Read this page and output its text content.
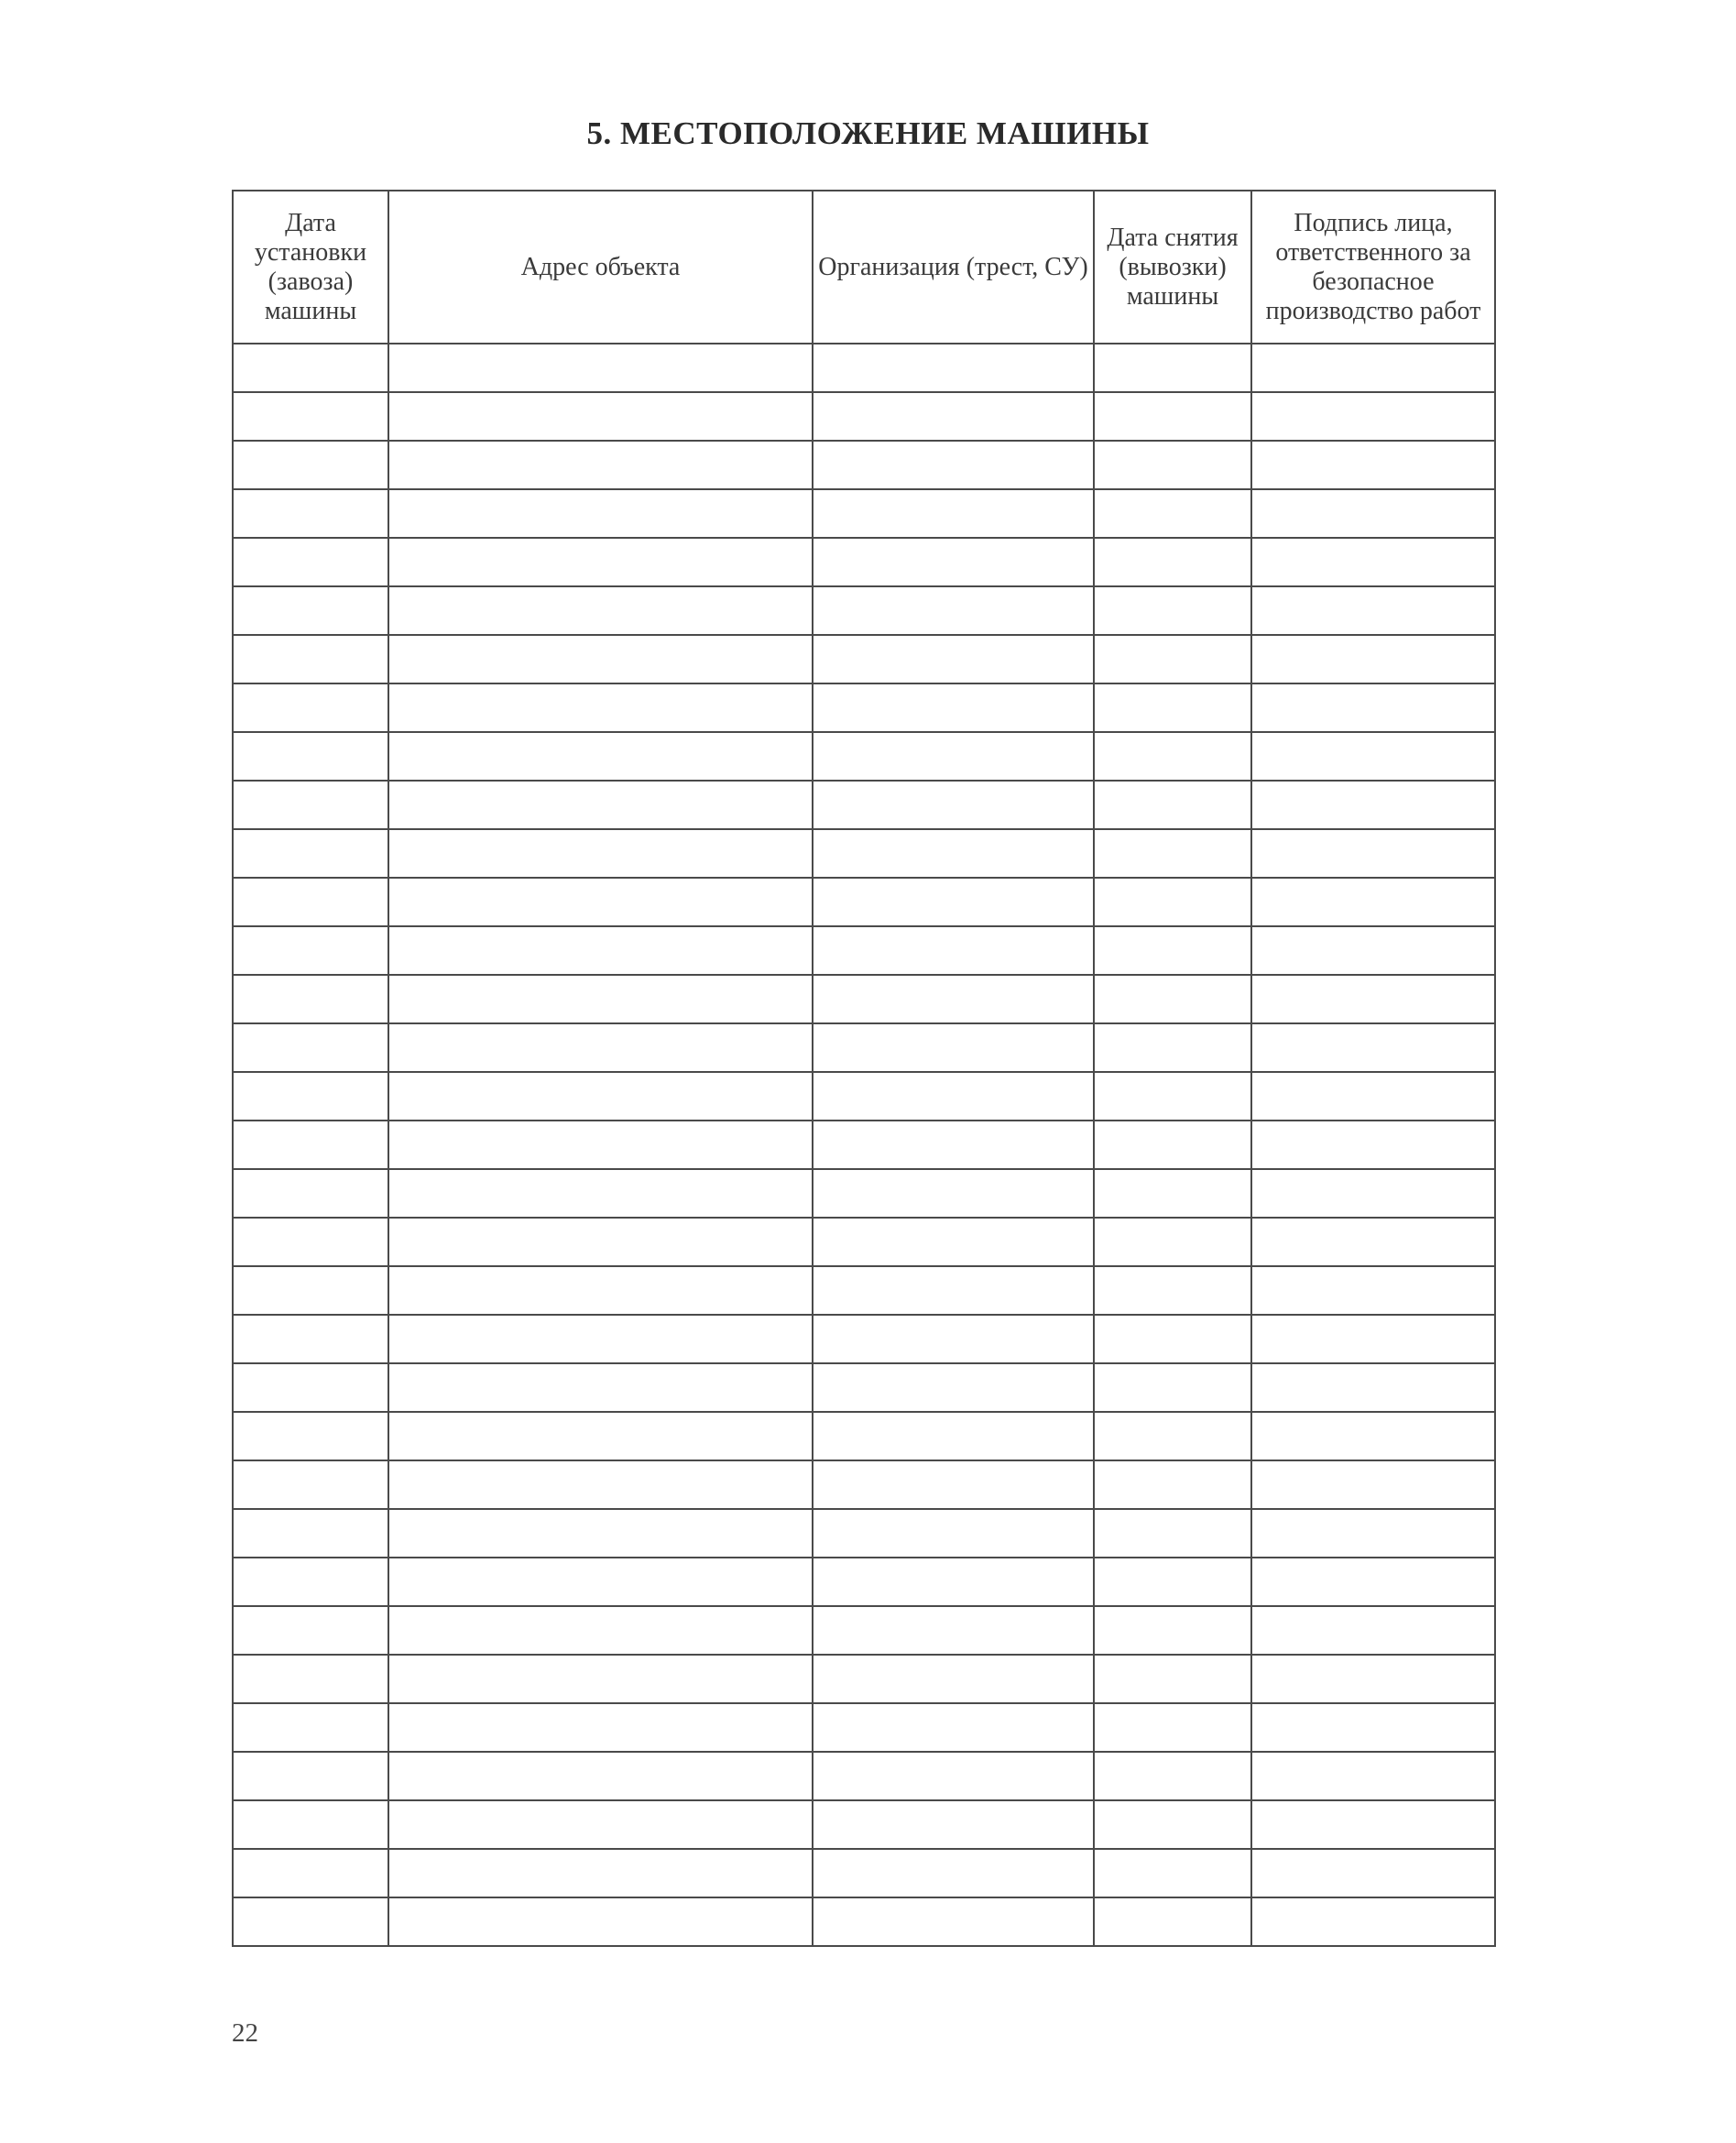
5. МЕСТОПОЛОЖЕНИЕ МАШИНЫ
Дата установки (завоза) машины	Адрес объекта	Организация (трест, СУ)	Дата снятия (вывозки) машины	Подпись лица, ответственного за безопасное производство работ

22
